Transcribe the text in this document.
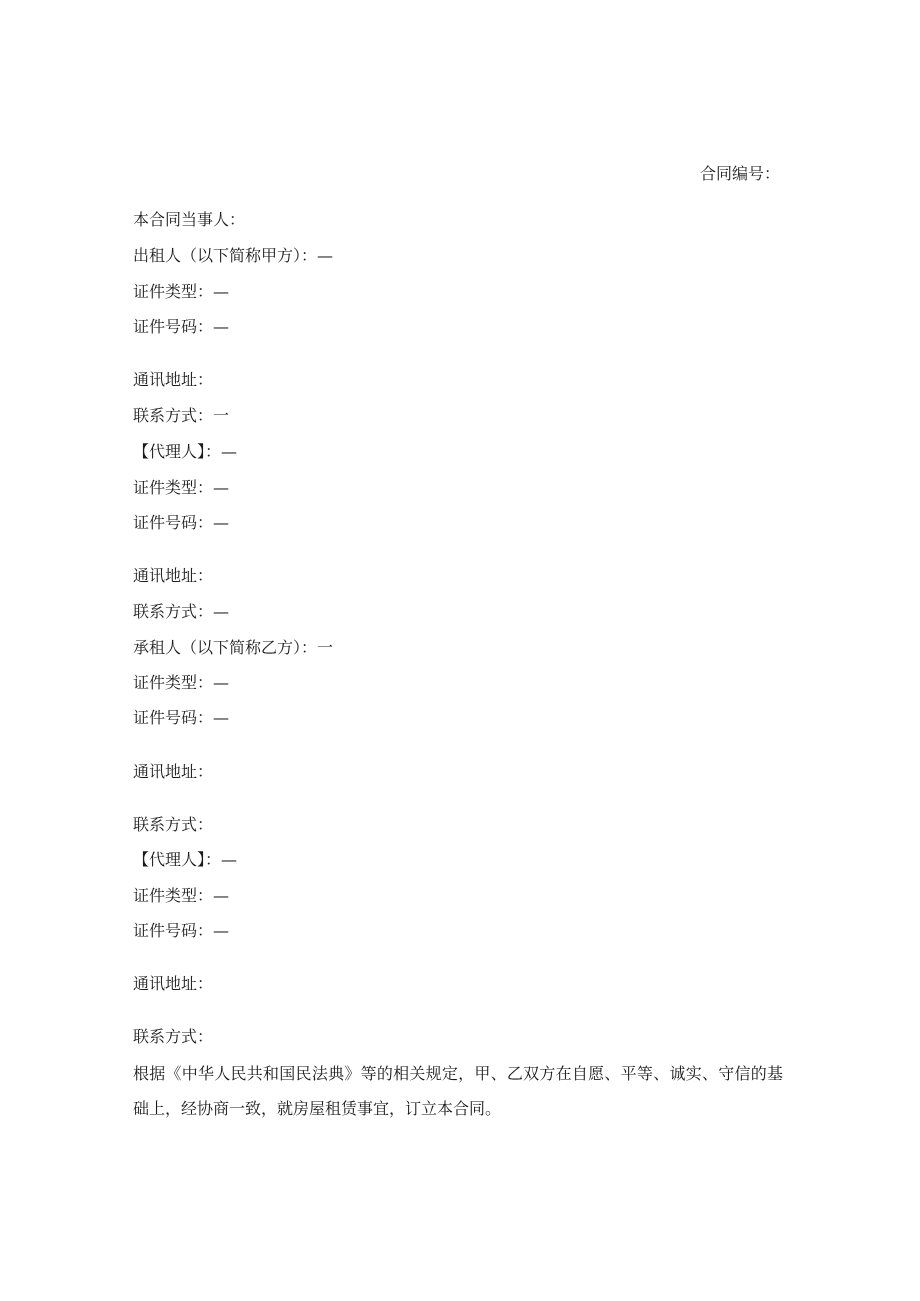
合同编号：
本合同当事人：
出租人（以下简称甲方）：—
证件类型：—
证件号码：—
通讯地址：
联系方式：一
【代理人】：—
证件类型：—
证件号码：—
通讯地址：
联系方式：—
承租人（以下简称乙方）：一
证件类型：—
证件号码：—
通讯地址：
联系方式：
【代理人】：—
证件类型：—
证件号码：—
通讯地址：
联系方式：
根据《中华人民共和国民法典》等的相关规定，甲、乙双方在自愿、平等、诚实、守信的基础上，经协商一致，就房屋租赁事宜，订立本合同。
